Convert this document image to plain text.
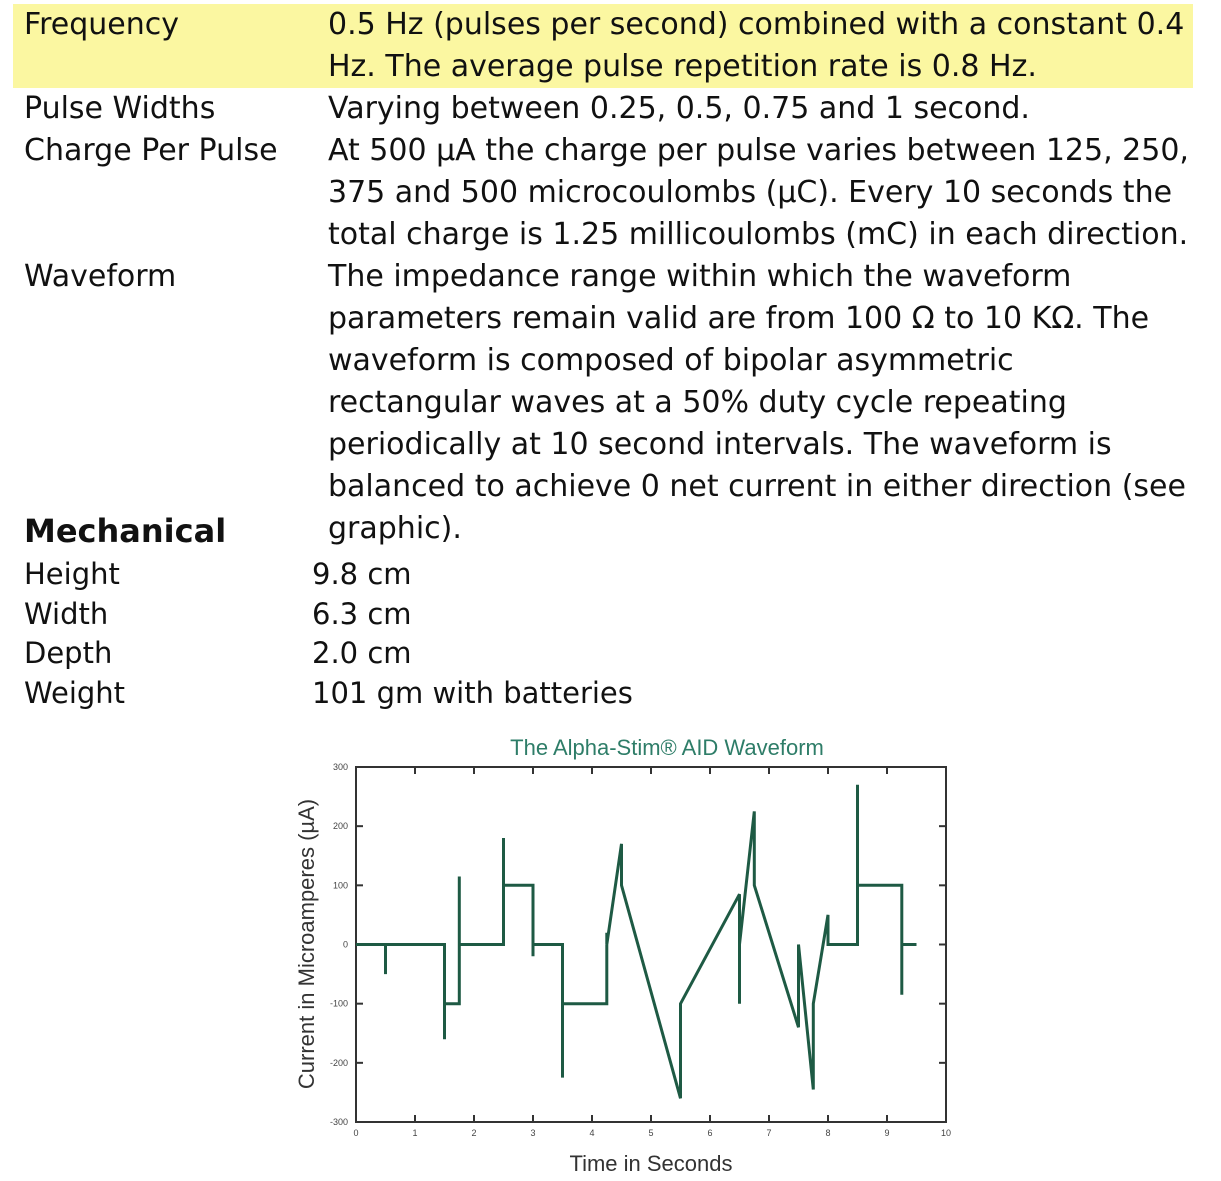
Frequency	0.5 Hz (pulses per second) combined with a constant 0.4 Hz. The average pulse repetition rate is 0.8 Hz.
Pulse Widths	Varying between 0.25, 0.5, 0.75 and 1 second.
Charge Per Pulse	At 500 µA the charge per pulse varies between 125, 250, 375 and 500 microcoulombs (µC). Every 10 seconds the total charge is 1.25 millicoulombs (mC) in each direction.
Waveform	The impedance range within which the waveform parameters remain valid are from 100 Ω to 10 KΩ. The waveform is composed of bipolar asymmetric rectangular waves at a 50% duty cycle repeating periodically at 10 second intervals. The waveform is balanced to achieve 0 net current in either direction (see graphic).
Mechanical
Height	9.8 cm
Width	6.3 cm
Depth	2.0 cm
Weight	101 gm with batteries
The Alpha-Stim® AID Waveform
0	1	2	3	4	5	6	7	8	9	10
300
200
100
0
-100
-200
-300
Time in Seconds
Current in Microamperes (µA)
